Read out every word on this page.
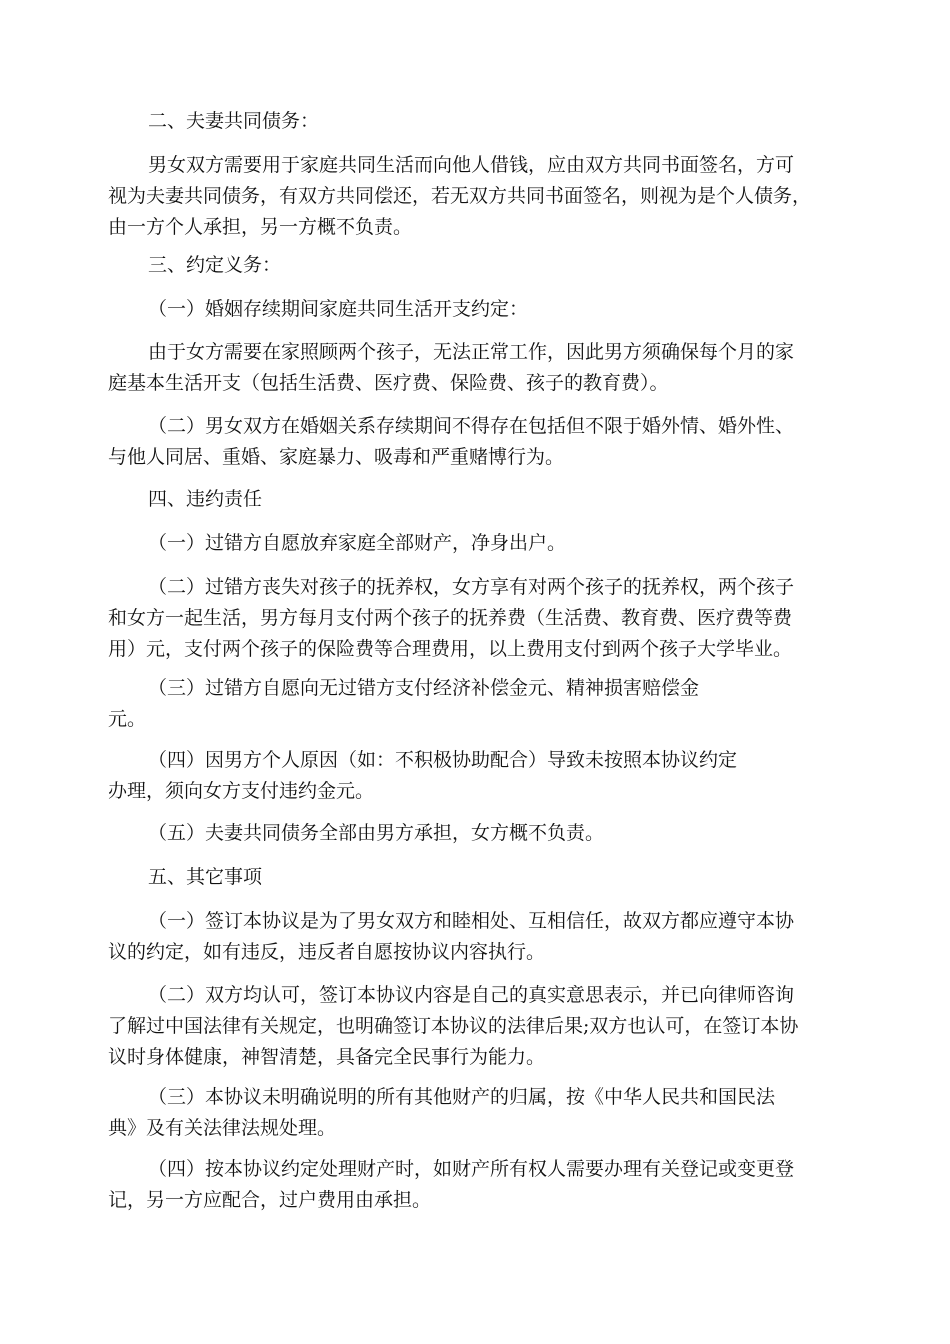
二、夫妻共同债务：
男女双方需要用于家庭共同生活而向他人借钱，应由双方共同书面签名，方可
视为夫妻共同债务，有双方共同偿还，若无双方共同书面签名，则视为是个人债务，
由一方个人承担，另一方概不负责。
三、约定义务：
（一）婚姻存续期间家庭共同生活开支约定：
由于女方需要在家照顾两个孩子，无法正常工作，因此男方须确保每个月的家
庭基本生活开支（包括生活费、医疗费、保险费、孩子的教育费）。
（二）男女双方在婚姻关系存续期间不得存在包括但不限于婚外情、婚外性、
与他人同居、重婚、家庭暴力、吸毒和严重赌博行为。
四、违约责任
（一）过错方自愿放弃家庭全部财产，净身出户。
（二）过错方丧失对孩子的抚养权，女方享有对两个孩子的抚养权，两个孩子
和女方一起生活，男方每月支付两个孩子的抚养费（生活费、教育费、医疗费等费
用）元，支付两个孩子的保险费等合理费用，以上费用支付到两个孩子大学毕业。
（三）过错方自愿向无过错方支付经济补偿金元、精神损害赔偿金
元。
（四）因男方个人原因（如：不积极协助配合）导致未按照本协议约定
办理，须向女方支付违约金元。
（五）夫妻共同债务全部由男方承担，女方概不负责。
五、其它事项
（一）签订本协议是为了男女双方和睦相处、互相信任，故双方都应遵守本协
议的约定，如有违反，违反者自愿按协议内容执行。
（二）双方均认可，签订本协议内容是自己的真实意思表示，并已向律师咨询
了解过中国法律有关规定，也明确签订本协议的法律后果;双方也认可，在签订本协
议时身体健康，神智清楚，具备完全民事行为能力。
（三）本协议未明确说明的所有其他财产的归属，按《中华人民共和国民法
典》及有关法律法规处理。
（四）按本协议约定处理财产时，如财产所有权人需要办理有关登记或变更登
记，另一方应配合，过户费用由承担。
